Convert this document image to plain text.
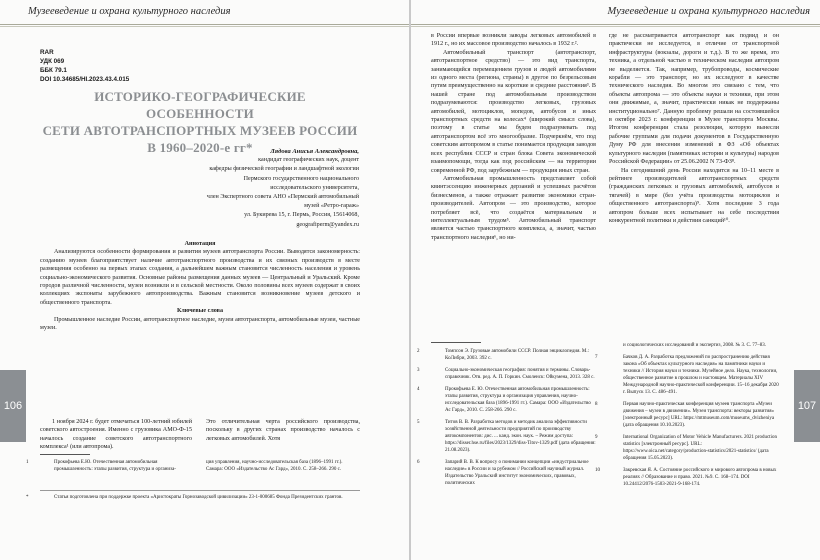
Музееведение и охрана культурного наследия
RAR
УДК 069
ББК 79.1
DOI 10.34685/HI.2023.43.4.015
ИСТОРИКО-ГЕОГРАФИЧЕСКИЕ ОСОБЕННОСТИ
СЕТИ АВТОТРАНСПОРТНЫХ МУЗЕЕВ РОССИИ
В 1960–2020-е гг*	Лядова Анисья Александровна,
кандидат географических наук, доцент
кафедры физической географии и ландшафтной экологии
Пермского государственного национального
исследовательского университета,
член Экспертного совета АНО «Пермский автомобильный
музей «Ретро-гараж»
ул. Букирева 15, г. Пермь, Россия, 15614068,
geografiperm@yandex.ru

Аннотация

Анализируются особенности формирования и развития музеев автотранспорта России. Выводятся закономерность: созданию музеев благоприятствует наличие автотранспортного производства и их связных производств в месте размещения особенно на первых этапах создания, а дальнейшем важным становится численность населения и уровень социально-экономического развития. Основные районы размещения данных музеев — Центральный и Уральский. Кроме городов различной численности, музеи возникли и в сельской местности. Около половины всех музеев содержат в своих коллекциях экспонаты зарубежного автопроизводства. Важным становится возникновение музеев детского и общественного транспорта.

Ключевые слова

Промышленное наследие России, автотранспортное наследие, музеи автотранспорта, автомобильные музеи, частные музеи.

1 ноября 2024 г. будет отмечаться 100-летний юбилей советского автостроения. Именно с грузовика АМО-Ф-15 началось создание советского автотранспортного комплекса¹ (или автопрома).

Это отличительная черта российского производства, поскольку в других странах производство началось с легковых автомобилей. Хотя

1	Прокофьева Е.Ю. Отечественная автомобильная промышленность: этапы развития, структура и организа-
ция управления, научно-исследовательская база (1896–1991 гг.). Самара: ООО «Издательство Ас Гард», 2010. С. 258–266. 290 с.
*	Статья подготовлена при поддержке проекта «Аристократы Горнозаводской цивилизации» 23-1-000685 Фонда Президентских грантов.
106
Музееведение и охрана культурного наследия

в России впервые возникли заводы легковых автомобилей в 1912 г., но их массовое производство началось в 1932 г.².

Автомобильный транспорт (автотранспорт, автотранспортное средство) — это вид транспорта, занимающийся перемещением грузов и людей автомобилями из одного места (региона, страны) в другое по безрельсовым путям преимущественно на короткие и средние расстояния³. В нашей стране под автомобильным производством подразумеваются: производство легковых, грузовых автомобилей, мотоциклов, мопедов, автобусов и иных транспортных средств на колесах⁴ (широкий смысл слова), поэтому в статье мы будем подразумевать под автотранспортом всё это многообразие. Подчеркнём, что под советским автопромом в статье понимается продукция заводов всех республик СССР и стран блока Совета экономической взаимопомощи, тогда как под российским — на территории современной РФ, под зарубежным — продукция иных стран.

Автомобильная промышленность представляет собой квинтэссенцию инженерных дерзаний и успешных расчётов бизнесменов, а также отражает развитие экономики стран-производителей. Автопром — это производство, которое потребляет всё, что создаётся материальным и интеллектуальным трудом⁵. Автомобильный транспорт является частью транспортного комплекса, а, значит, частью транспортного наследия⁶, но ни-

где не рассматривается автотранспорт как подвид и он практически не исследуется, в отличие от транспортной инфраструктуры (вокзалы, дороги и т.д.). В то же время, это техника, а отдельной частью в техническом наследии автопром не выделяется. Так, например, трубопроводы, космические корабли — это транспорт, но их исследуют в качестве технического наследия. Во многом это связано с тем, что объекты автопрома — это объекты науки и техники, при этом они движимые, а, значит, практически никак не поддержаны институционально⁷. Данную проблему решали на состоявшейся в октябре 2023 г. конференции в Музее транспорта Москвы. Итогом конференции стала резолюция, которую вынесли рабочие группами для подачи документов в Государственную Думу РФ для внесения изменений в ФЗ «Об объектах культурного наследия (памятниках истории и культуры) народов Российской Федерации» от 25.06.2002 N 73-ФЗ⁸.

На сегодняшний день России находится на 10–11 месте в рейтинге производителей автотранспортных средств (гражданских легковых и грузовых автомобилей, автобусов и тягачей) в мире (без учёта производства мотоциклов и общественного автотранспорта)⁹. Хотя последние 3 года автопром больше всех испытывает на себе последствия конкурентной политики и действия санкций¹⁰.

2	Томпсон Э. Грузовые автомобили СССР. Полная энциклопедия. М.: КоЛибри, 2003. 392 с.
3	Социально-экономическая география: понятия и термины. Словарь-справочник. Отв. ред. А. П. Горкин. Смоленск: Ойкумена, 2013. 328 с.
4	Прокофьева Е. Ю. Отечественная автомобильная промышленность: этапы развития, структура и организация управления, научно-исследовательская база (1896-1991 гг.). Самара: ООО «Издательство Ас Гард», 2010. С. 258-266. 290 с.
5	Титов В. В. Разработка методов и методик анализа эффективности хозяйственной деятельности предприятий по производству автокомпонентов: дис. ... канд. экон. наук. – Режим доступа: https://disser.hse.ru/files/2023/1329/diss-Titov-1329.pdf (дата обращения: 21.08.2023).
6	Запарий В. В. К вопросу о понимании концепции «индустриальное наследие» в России и за рубежом // Российский научный журнал. Издательство Уральский институт экономических, правовых, политических
и социологических исследований и экспертиз, 2008. № 3. С. 77–83.
7	Бачков Д. А. Разработка предложений по распространению действия закона «Об объектах культурного наследия» на памятники науки и техники // История науки и техники. Музейное дело. Наука, технологии, общественное развитие в прошлом и настоящем. Материалы XIV Международной научно-практической конференции. 15–16 декабря 2020 г. Выпуск 13. С. 486–491.
8	Первая научно-практическая конференция музеев транспорта «Музеи движения – музеи в движении». Музеи транспорта: векторы развития» [электронный ресурс] URL: https://mtmuseum.com/museums_dvizheniya (дата обращения 10.10.2023).
9	International Organization of Motor Vehicle Manufacturers. 2021 production statistics [электронный ресурс]. URL: https://www.oica.net/category/production-statistics/2021-statistics/ (дата обращения 15.05.2023).
10	Закревская Я. А. Состояние российского и мирового автопрома в новых реалиях // Образование и право. 2021. №9. С. 168–174. DOI 10.24412/2076-1503-2021-9-168-174.
107
